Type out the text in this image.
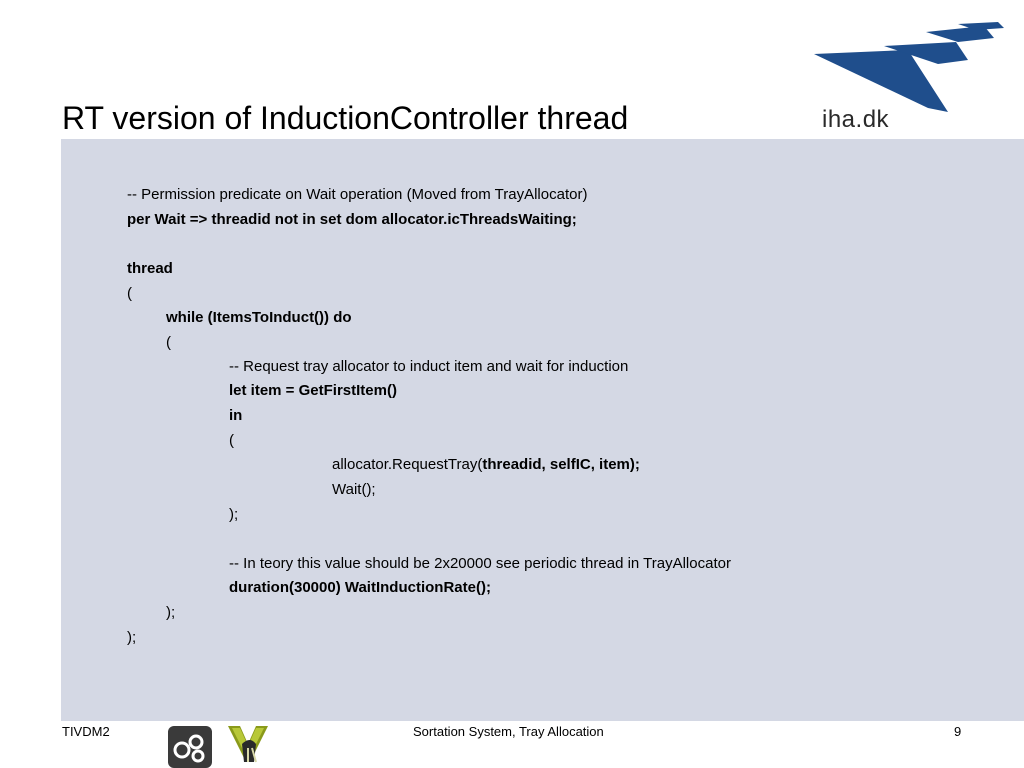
RT version of InductionController thread	iha.dk
-- Permission predicate on Wait operation (Moved from TrayAllocator)
per Wait => threadid not in set dom allocator.icThreadsWaiting;
thread
(
while (ItemsToInduct()) do
(
-- Request tray allocator to induct item and wait for induction
let item = GetFirstItem()
in
(
allocator.RequestTray(threadid, selfIC, item);
Wait();
);
-- In teory this value should be 2x20000 see periodic thread in TrayAllocator
duration(30000) WaitInductionRate();
);
);
TIVDM2	Sortation System, Tray Allocation	9
